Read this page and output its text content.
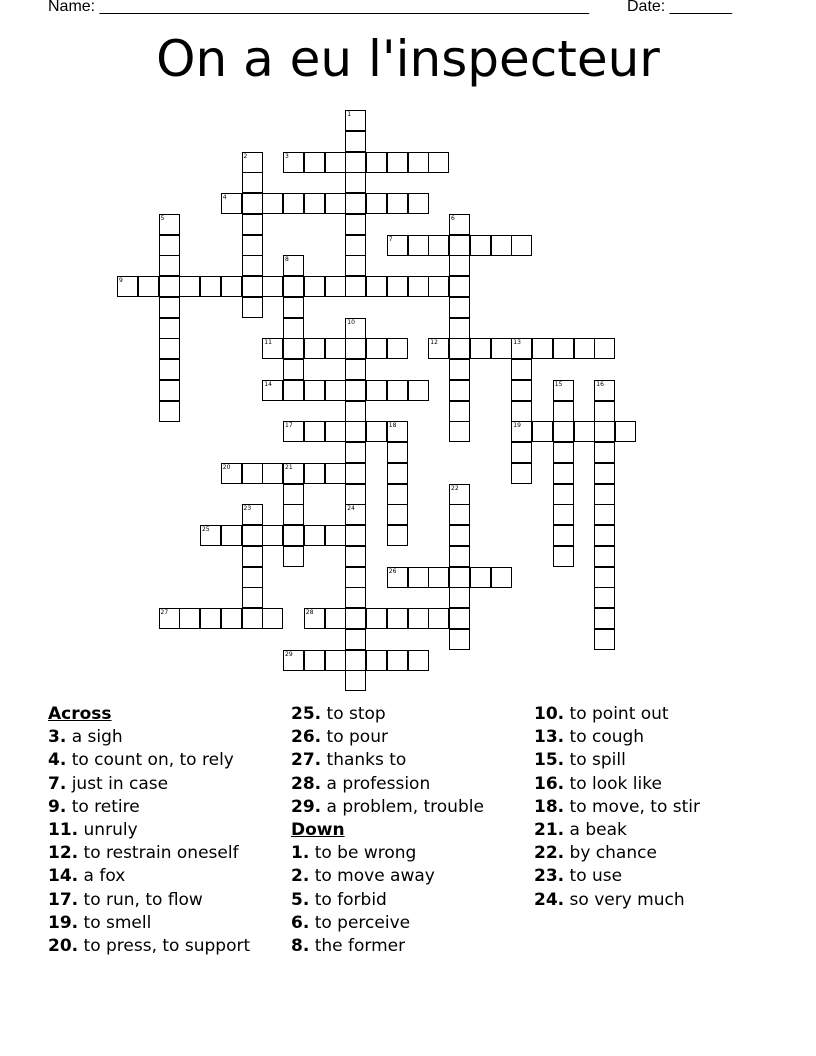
Name: _______________________________________________________ Date: _______
On a eu l'inspecteur
1
2	3
4
5	6
7
8
9
10
24
11	12	13
19
14	15	16
17	18
20	21
22
23
25
26
27	28
29
Across
3. a sigh
4. to count on, to rely
7. just in case
9. to retire
11. unruly
12. to restrain oneself
14. a fox
17. to run, to flow
19. to smell
20. to press, to support
25. to stop
26. to pour
27. thanks to
28. a profession
29. a problem, trouble
Down
1. to be wrong
2. to move away
5. to forbid
6. to perceive
8. the former
10. to point out
13. to cough
15. to spill
16. to look like
18. to move, to stir
21. a beak
22. by chance
23. to use
24. so very much
